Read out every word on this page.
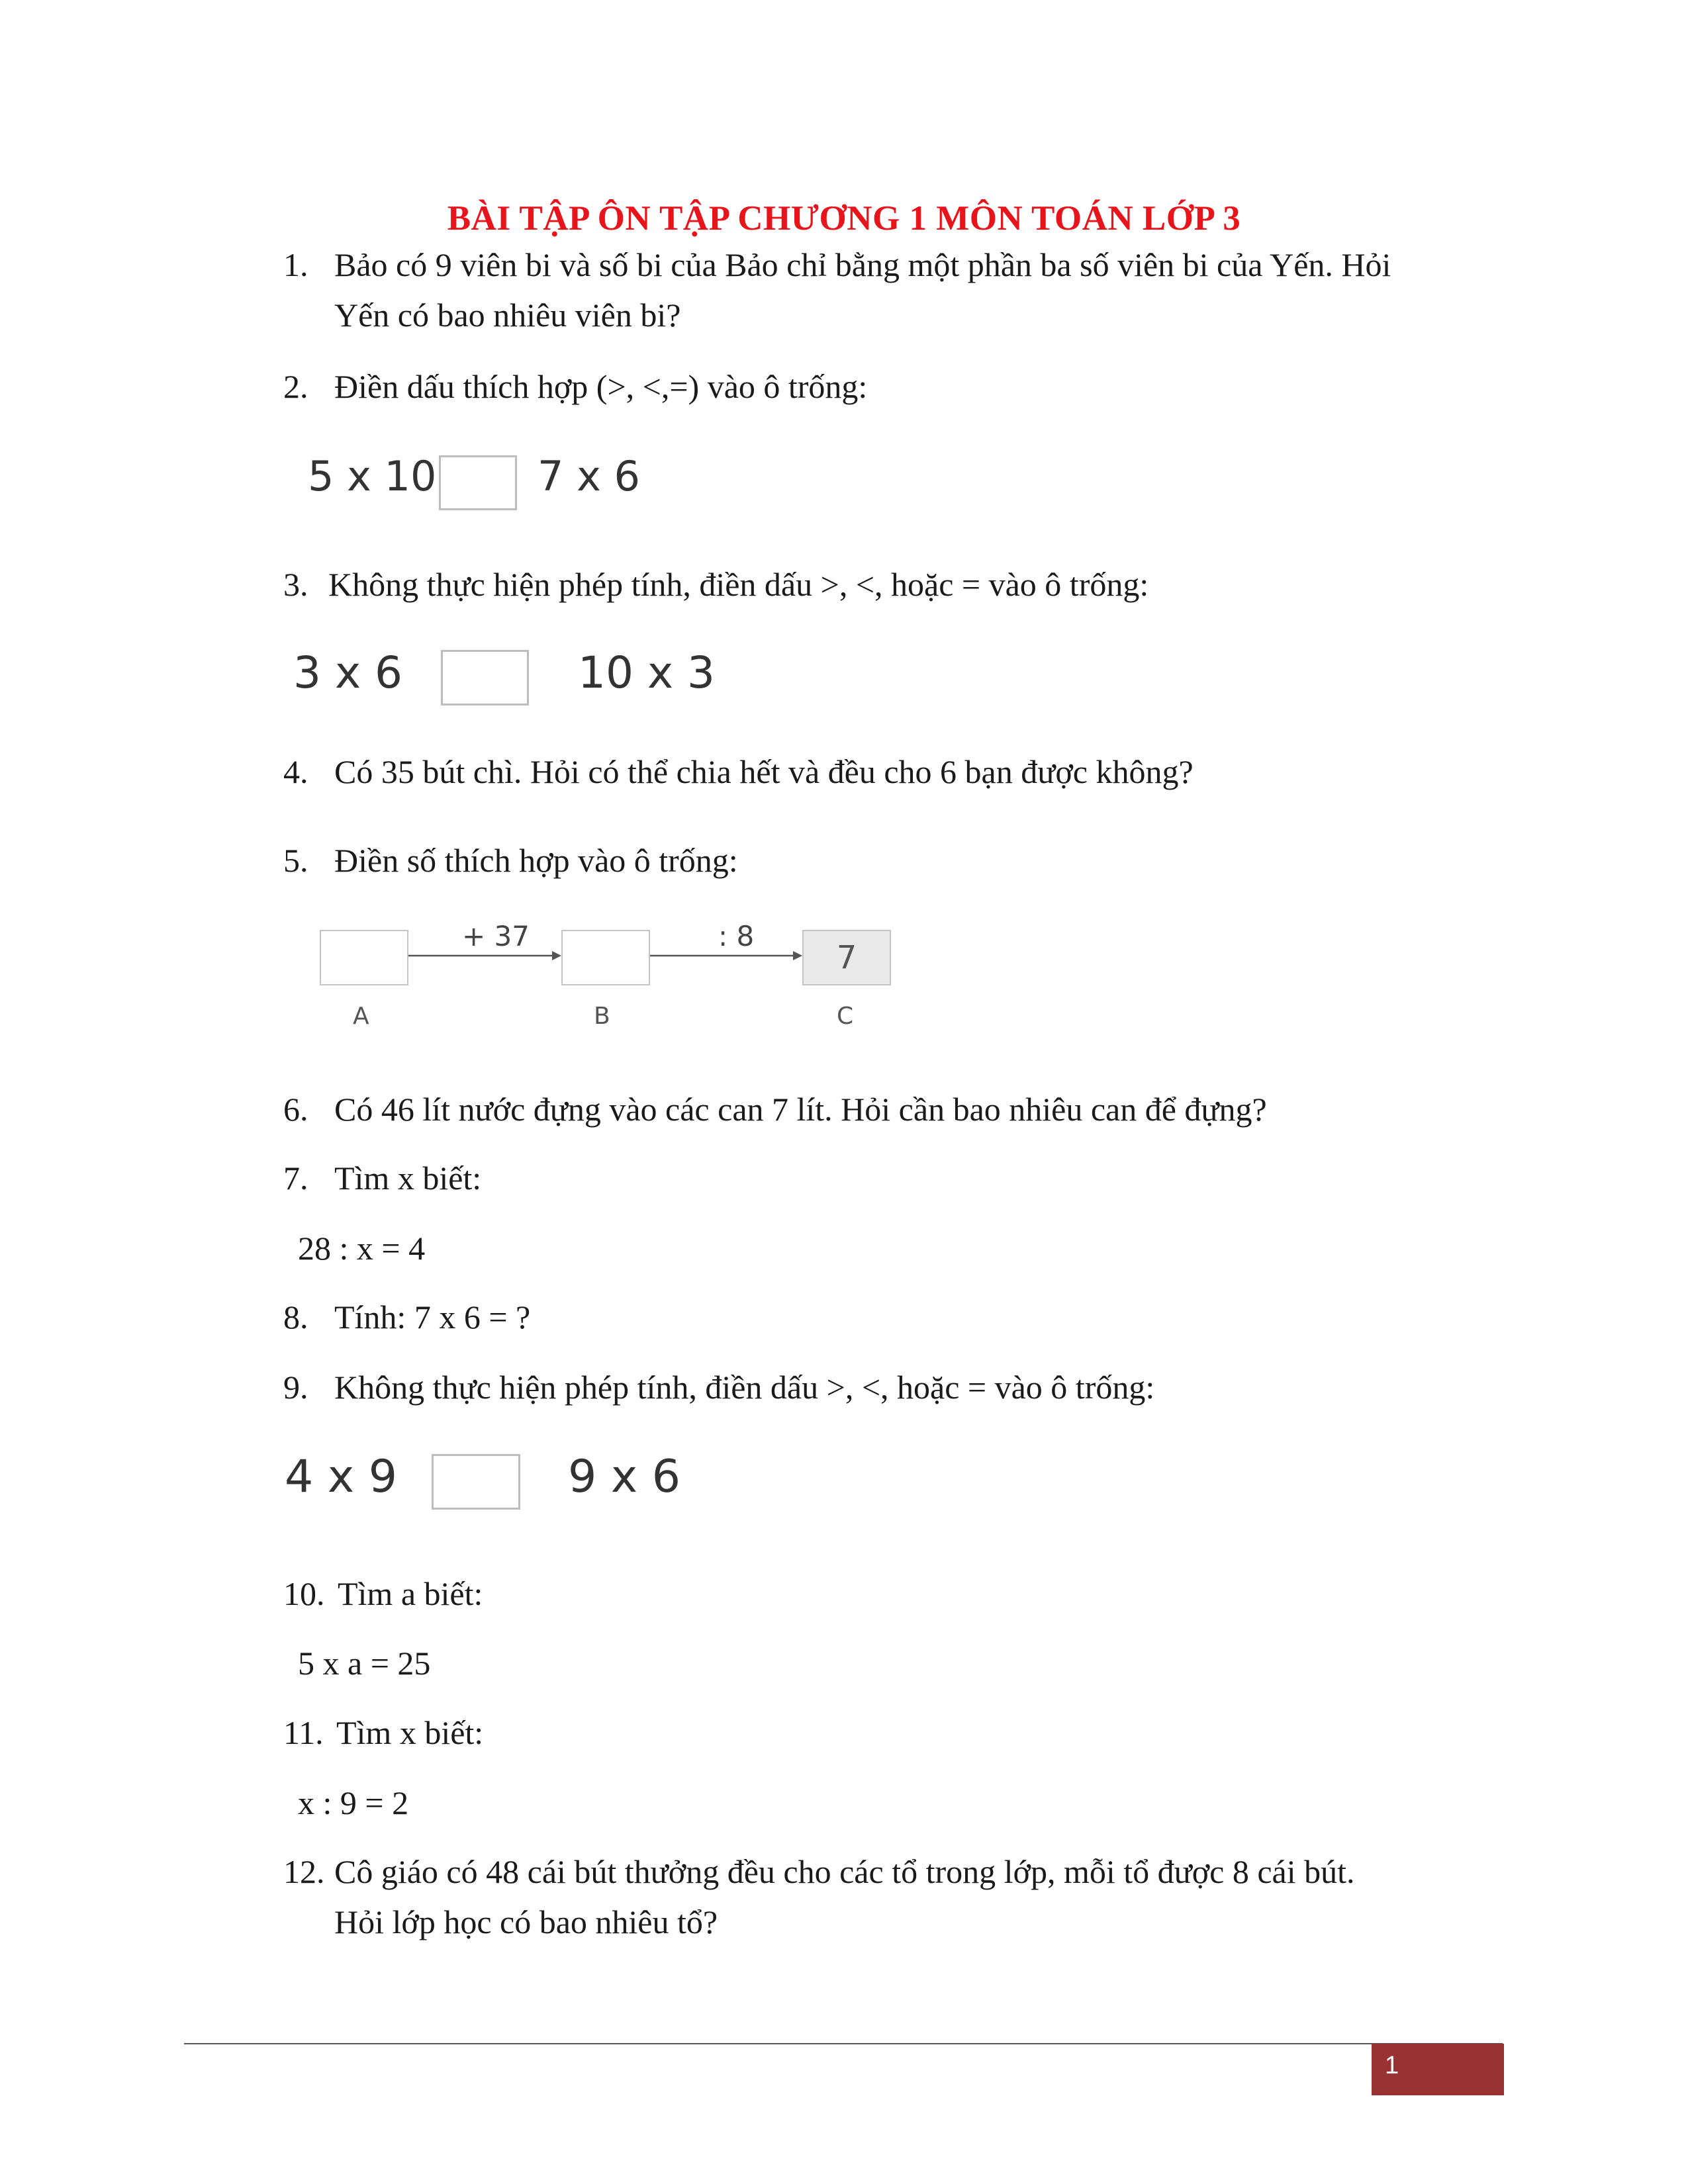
BÀI TẬP ÔN TẬP CHƯƠNG 1 MÔN TOÁN LỚP 3
1. Bảo có 9 viên bi và số bi của Bảo chỉ bằng một phần ba số viên bi của Yến. Hỏi
Yến có bao nhiêu viên bi?
2. Điền dấu thích hợp (>, <,=) vào ô trống:
5 x 10 7 x 6
3. Không thực hiện phép tính, điền dấu >, <, hoặc = vào ô trống:
3 x 6	10 x 3
4. Có 35 bút chì. Hỏi có thể chia hết và đều cho 6 bạn được không?
5. Điền số thích hợp vào ô trống:
7
+ 37	: 8
A	B	C
6. Có 46 lít nước đựng vào các can 7 lít. Hỏi cần bao nhiêu can để đựng?
7. Tìm x biết:
28 : x = 4
8. Tính: 7 x 6 = ?
9. Không thực hiện phép tính, điền dấu >, <, hoặc = vào ô trống:
4 x 9	9 x 6
10. Tìm a biết:
5 x a = 25
11. Tìm x biết:
x : 9 = 2
12. Cô giáo có 48 cái bút thưởng đều cho các tổ trong lớp, mỗi tổ được 8 cái bút.
Hỏi lớp học có bao nhiêu tổ?
1
